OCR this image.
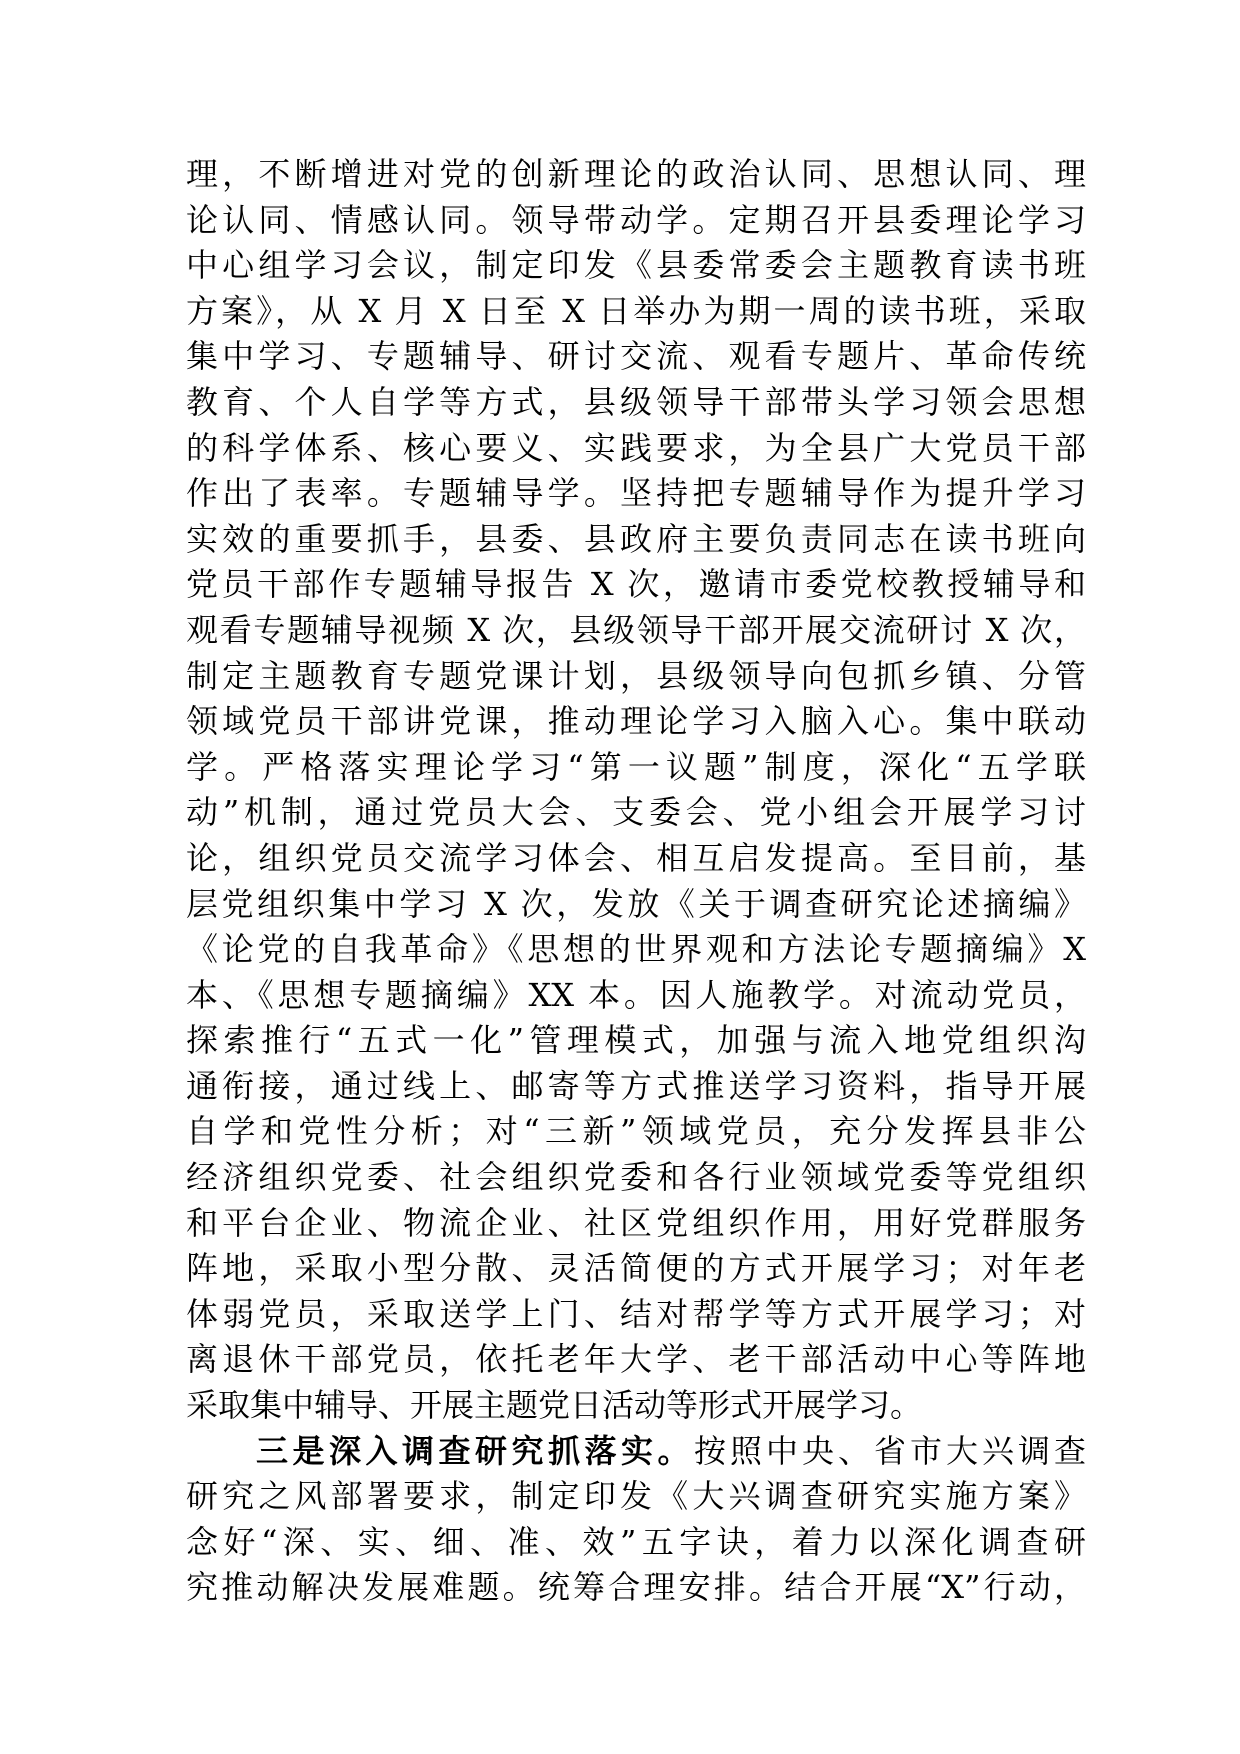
理，不断增进对党的创新理论的政治认同、思想认同、理
论认同、情感认同。领导带动学。定期召开县委理论学习
中心组学习会议，制定印发《县委常委会主题教育读书班
方案》，从 X 月 X 日至 X 日举办为期一周的读书班，采取
集中学习、专题辅导、研讨交流、观看专题片、革命传统
教育、个人自学等方式，县级领导干部带头学习领会思想
的科学体系、核心要义、实践要求，为全县广大党员干部
作出了表率。专题辅导学。坚持把专题辅导作为提升学习
实效的重要抓手，县委、县政府主要负责同志在读书班向
党员干部作专题辅导报告 X 次，邀请市委党校教授辅导和
观看专题辅导视频 X 次，县级领导干部开展交流研讨 X 次，
制定主题教育专题党课计划，县级领导向包抓乡镇、分管
领域党员干部讲党课，推动理论学习入脑入心。集中联动
学。严格落实理论学习“第一议题”制度，深化“五学联
动”机制，通过党员大会、支委会、党小组会开展学习讨
论，组织党员交流学习体会、相互启发提高。至目前，基
层党组织集中学习 X 次，发放《关于调查研究论述摘编》
《论党的自我革命》《思想的世界观和方法论专题摘编》X
本、《思想专题摘编》XX 本。因人施教学。对流动党员，
探索推行“五式一化”管理模式，加强与流入地党组织沟
通衔接，通过线上、邮寄等方式推送学习资料，指导开展
自学和党性分析；对“三新”领域党员，充分发挥县非公
经济组织党委、社会组织党委和各行业领域党委等党组织
和平台企业、物流企业、社区党组织作用，用好党群服务
阵地，采取小型分散、灵活简便的方式开展学习；对年老
体弱党员，采取送学上门、结对帮学等方式开展学习；对
离退休干部党员，依托老年大学、老干部活动中心等阵地
采取集中辅导、开展主题党日活动等形式开展学习。
三是深入调查研究抓落实。按照中央、省市大兴调查
研究之风部署要求，制定印发《大兴调查研究实施方案》
念好“深、实、细、准、效”五字诀，着力以深化调查研
究推动解决发展难题。统筹合理安排。结合开展“X”行动，
